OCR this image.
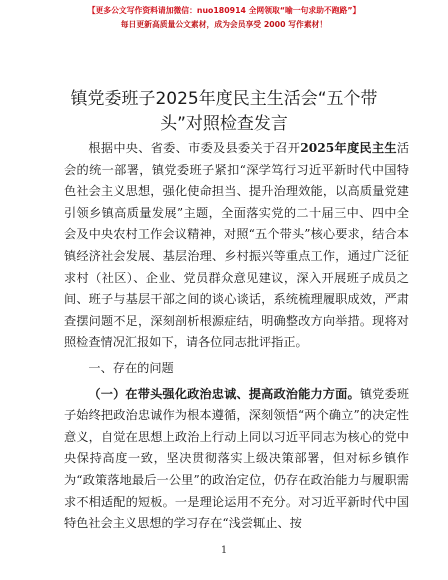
【更多公文写作资料请加微信：nuo180914 全网领取“喻一句求助不跑路”】
每日更新高质量公文素材，成为会员享受 2000 写作素材！
镇党委班子2025年度民主生活会“五个带
头”对照检查发言

根据中央、省委、市委及县委关于召开2025年度民主生活会的统一部署，镇党委班子紧扣“深学笃行习近平新时代中国特色社会主义思想，强化使命担当、提升治理效能，以高质量党建引领乡镇高质量发展”主题，全面落实党的二十届三中、四中全会及中央农村工作会议精神，对照“五个带头”核心要求，结合本镇经济社会发展、基层治理、乡村振兴等重点工作，通过广泛征求村（社区）、企业、党员群众意见建议，深入开展班子成员之间、班子与基层干部之间的谈心谈话，系统梳理履职成效，严肃查摆问题不足，深刻剖析根源症结，明确整改方向举措。现将对照检查情况汇报如下，请各位同志批评指正。

一、存在的问题

（一）在带头强化政治忠诚、提高政治能力方面。镇党委班子始终把政治忠诚作为根本遵循，深刻领悟“两个确立”的决定性意义，自觉在思想上政治上行动上同以习近平同志为核心的党中央保持高度一致，坚决贯彻落实上级决策部署，但对标乡镇作为“政策落地最后一公里”的政治定位，仍存在政治能力与履职需求不相适配的短板。一是理论运用不充分。对习近平新时代中国特色社会主义思想的学习存在“浅尝辄止、按

1
